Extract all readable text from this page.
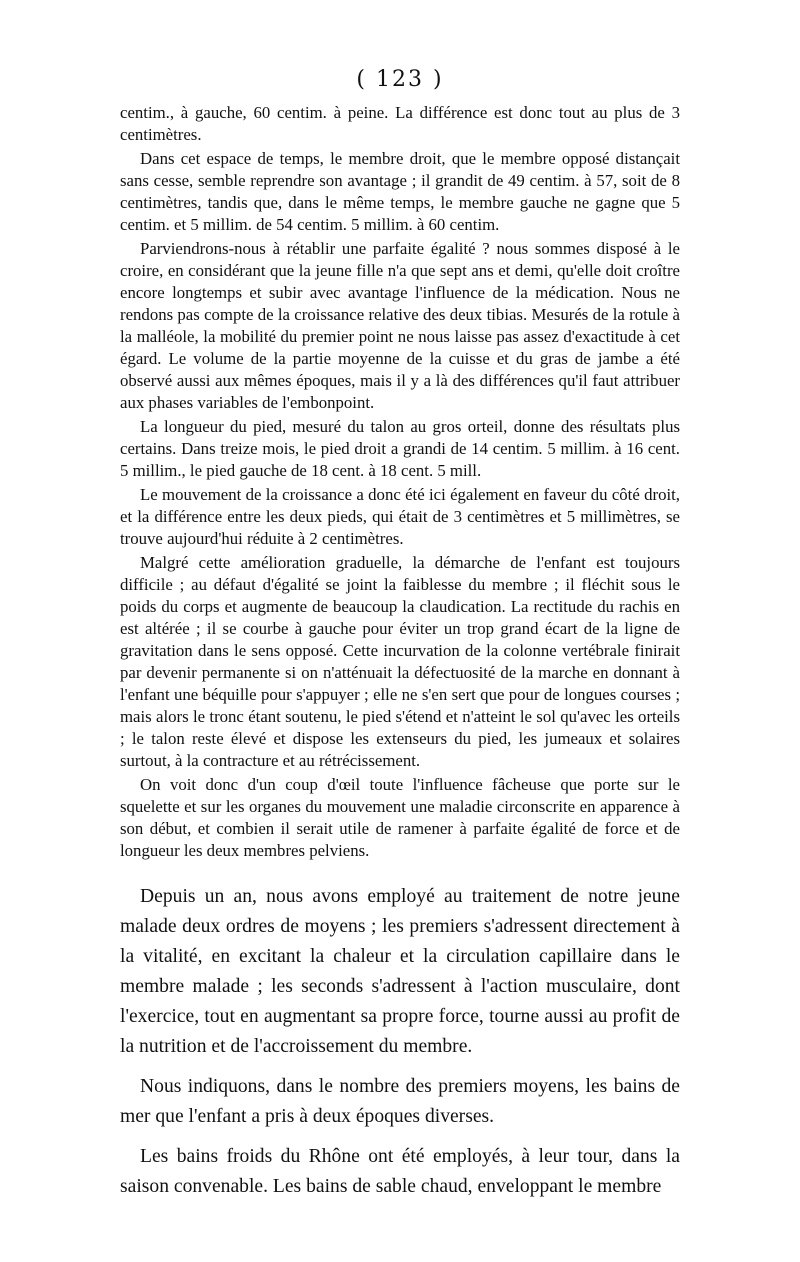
( 123 )

centim., à gauche, 60 centim. à peine. La différence est donc tout au plus de 3 centimètres.

Dans cet espace de temps, le membre droit, que le membre opposé distançait sans cesse, semble reprendre son avantage ; il grandit de 49 centim. à 57, soit de 8 centimètres, tandis que, dans le même temps, le membre gauche ne gagne que 5 centim. et 5 millim. de 54 centim. 5 millim. à 60 centim.

Parviendrons-nous à rétablir une parfaite égalité ? nous sommes disposé à le croire, en considérant que la jeune fille n'a que sept ans et demi, qu'elle doit croître encore longtemps et subir avec avantage l'influence de la médication. Nous ne rendons pas compte de la croissance relative des deux tibias. Mesurés de la rotule à la malléole, la mobilité du premier point ne nous laisse pas assez d'exactitude à cet égard. Le volume de la partie moyenne de la cuisse et du gras de jambe a été observé aussi aux mêmes époques, mais il y a là des différences qu'il faut attribuer aux phases variables de l'embonpoint.

La longueur du pied, mesuré du talon au gros orteil, donne des résultats plus certains. Dans treize mois, le pied droit a grandi de 14 centim. 5 millim. à 16 cent. 5 millim., le pied gauche de 18 cent. à 18 cent. 5 mill.

Le mouvement de la croissance a donc été ici également en faveur du côté droit, et la différence entre les deux pieds, qui était de 3 centimètres et 5 millimètres, se trouve aujourd'hui réduite à 2 centimètres.

Malgré cette amélioration graduelle, la démarche de l'enfant est toujours difficile ; au défaut d'égalité se joint la faiblesse du membre ; il fléchit sous le poids du corps et augmente de beaucoup la claudication. La rectitude du rachis en est altérée ; il se courbe à gauche pour éviter un trop grand écart de la ligne de gravitation dans le sens opposé. Cette incurvation de la colonne vertébrale finirait par devenir permanente si on n'atténuait la défectuosité de la marche en donnant à l'enfant une béquille pour s'appuyer ; elle ne s'en sert que pour de longues courses ; mais alors le tronc étant soutenu, le pied s'étend et n'atteint le sol qu'avec les orteils ; le talon reste élevé et dispose les extenseurs du pied, les jumeaux et solaires surtout, à la contracture et au rétrécissement.

On voit donc d'un coup d'œil toute l'influence fâcheuse que porte sur le squelette et sur les organes du mouvement une maladie circonscrite en apparence à son début, et combien il serait utile de ramener à parfaite égalité de force et de longueur les deux membres pelviens.

Depuis un an, nous avons employé au traitement de notre jeune malade deux ordres de moyens ; les premiers s'adressent directement à la vitalité, en excitant la chaleur et la circulation capillaire dans le membre malade ; les seconds s'adressent à l'action musculaire, dont l'exercice, tout en augmentant sa propre force, tourne aussi au profit de la nutrition et de l'accroissement du membre.

Nous indiquons, dans le nombre des premiers moyens, les bains de mer que l'enfant a pris à deux époques diverses.

Les bains froids du Rhône ont été employés, à leur tour, dans la saison convenable. Les bains de sable chaud, enveloppant le membre
